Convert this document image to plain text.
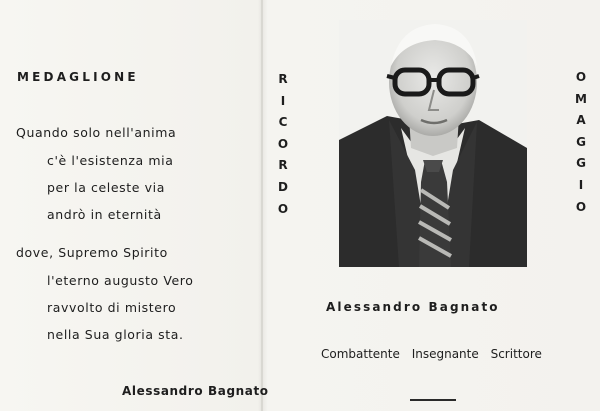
MEDAGLIONE
Quando solo nell'anima
c'è l'esistenza mia
per la celeste via
andrò in eternità
dove, Supremo Spirito
l'eterno augusto Vero
ravvolto di mistero
nella Sua gloria sta.
Alessandro Bagnato
R
I
C
O
R
D
O
O
M
A
G
G
I
O
Alessandro Bagnato
Combattente Insegnante Scrittore
